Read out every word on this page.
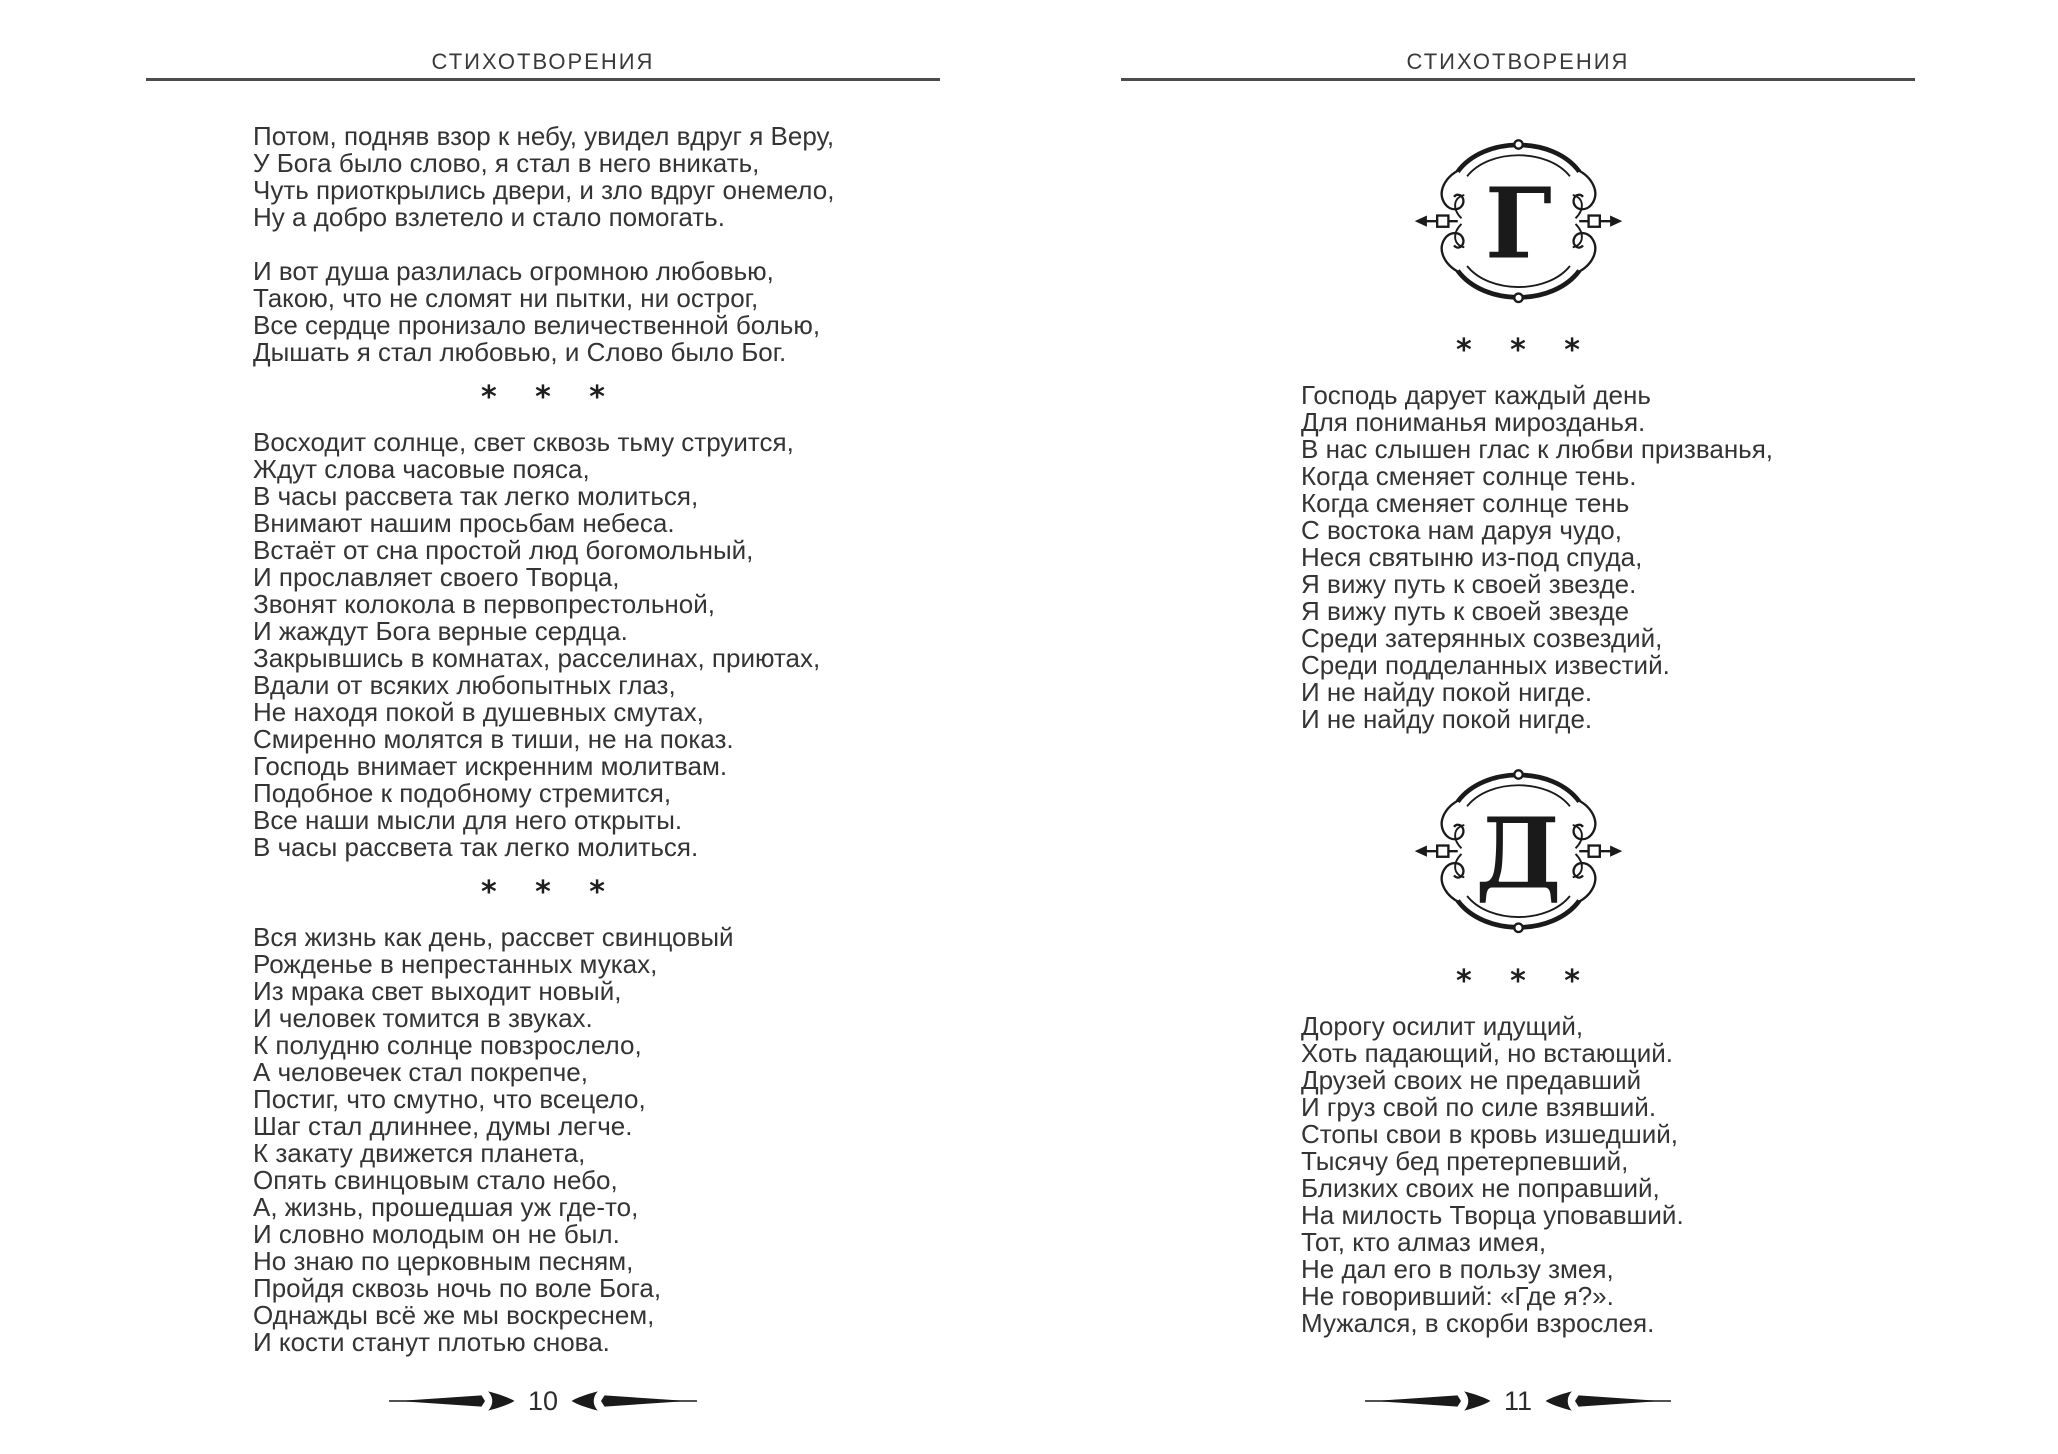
СТИХОТВОРЕНИЯ
Потом, подняв взор к небу, увидел вдруг я Веру,
У Бога было слово, я стал в него вникать,
Чуть приоткрылись двери, и зло вдруг онемело,
Ну а добро взлетело и стало помогать.
И вот душа разлилась огромною любовью,
Такою, что не сломят ни пытки, ни острог,
Все сердце пронизало величественной болью,
Дышать я стал любовью, и Слово было Бог.
* * *
Восходит солнце, свет сквозь тьму струится,
Ждут слова часовые пояса,
В часы рассвета так легко молиться,
Внимают нашим просьбам небеса.
Встаёт от сна простой люд богомольный,
И прославляет своего Творца,
Звонят колокола в первопрестольной,
И жаждут Бога верные сердца.
Закрывшись в комнатах, расселинах, приютах,
Вдали от всяких любопытных глаз,
Не находя покой в душевных смутах,
Смиренно молятся в тиши, не на показ.
Господь внимает искренним молитвам.
Подобное к подобному стремится,
Все наши мысли для него открыты.
В часы рассвета так легко молиться.
* * *
Вся жизнь как день, рассвет свинцовый
Рожденье в непрестанных муках,
Из мрака свет выходит новый,
И человек томится в звуках.
К полудню солнце повзрослело,
А человечек стал покрепче,
Постиг, что смутно, что всецело,
Шаг стал длиннее, думы легче.
К закату движется планета,
Опять свинцовым стало небо,
А, жизнь, прошедшая уж где-то,
И словно молодым он не был.
Но знаю по церковным песням,
Пройдя сквозь ночь по воле Бога,
Однажды всё же мы воскреснем,
И кости станут плотью снова.
10
СТИХОТВОРЕНИЯ
Г
* * *
Господь дарует каждый день
Для пониманья мирозданья.
В нас слышен глас к любви призванья,
Когда сменяет солнце тень.
Когда сменяет солнце тень
С востока нам даруя чудо,
Неся святыню из-под спуда,
Я вижу путь к своей звезде.
Я вижу путь к своей звезде
Среди затерянных созвездий,
Среди подделанных известий.
И не найду покой нигде.
И не найду покой нигде.
Д
* * *
Дорогу осилит идущий,
Хоть падающий, но встающий.
Друзей своих не предавший
И груз свой по силе взявший.
Стопы свои в кровь изшедший,
Тысячу бед претерпевший,
Близких своих не поправший,
На милость Творца уповавший.
Тот, кто алмаз имея,
Не дал его в пользу змея,
Не говоривший: «Где я?».
Мужался, в скорби взрослея.
11
